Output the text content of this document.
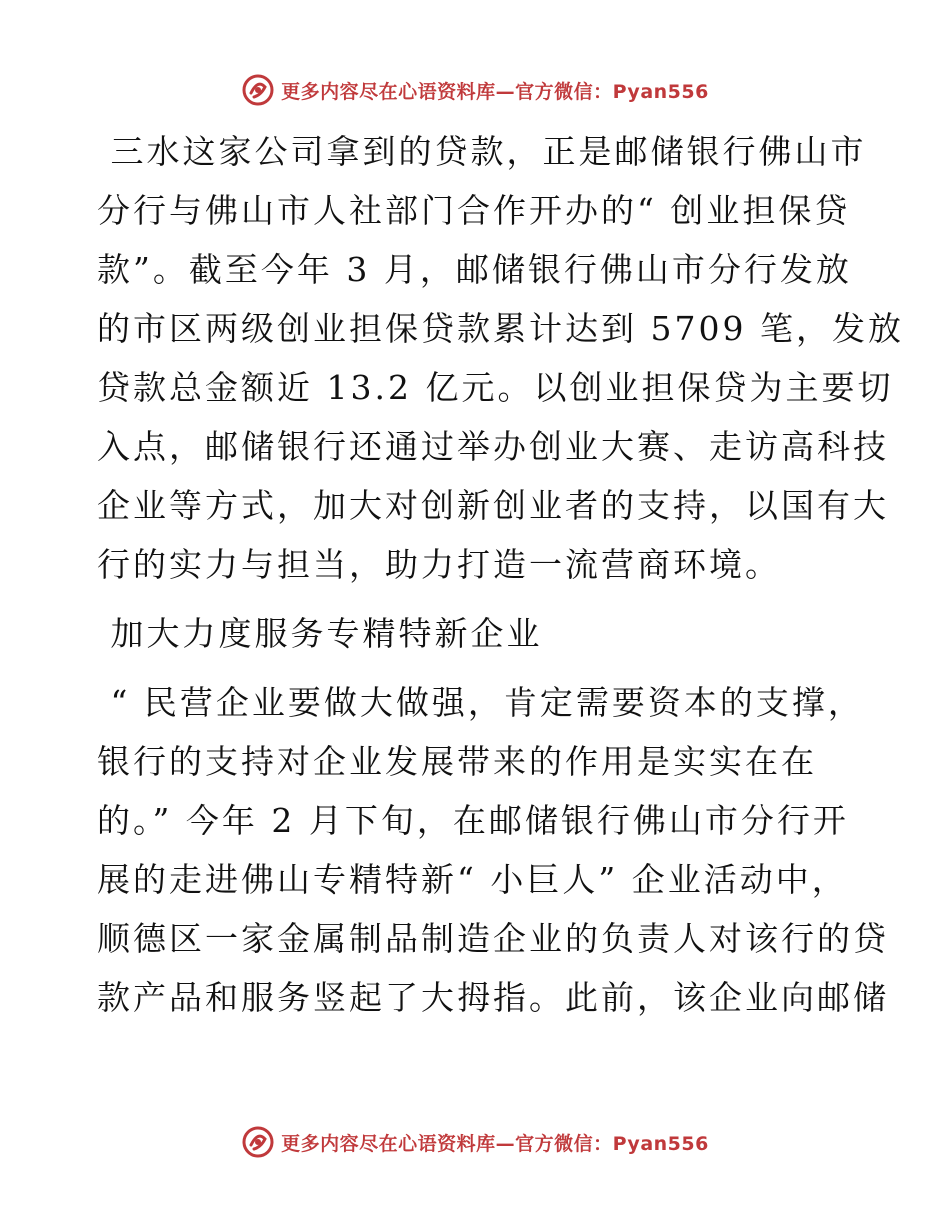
更多内容尽在心语资料库—官方微信：Pyan556
三水这家公司拿到的贷款，正是邮储银行佛山市
分行与佛山市人社部门合作开办的“ 创业担保贷
款”。截至今年 3 月，邮储银行佛山市分行发放
的市区两级创业担保贷款累计达到 5709 笔，发放
贷款总金额近 13.2 亿元。以创业担保贷为主要切
入点，邮储银行还通过举办创业大赛、走访高科技
企业等方式，加大对创新创业者的支持，以国有大
行的实力与担当，助力打造一流营商环境。
加大力度服务专精特新企业
“ 民营企业要做大做强，肯定需要资本的支撑，
银行的支持对企业发展带来的作用是实实在在
的。” 今年 2 月下旬，在邮储银行佛山市分行开
展的走进佛山专精特新“ 小巨人” 企业活动中，
顺德区一家金属制品制造企业的负责人对该行的贷
款产品和服务竖起了大拇指。此前，该企业向邮储
更多内容尽在心语资料库—官方微信：Pyan556
